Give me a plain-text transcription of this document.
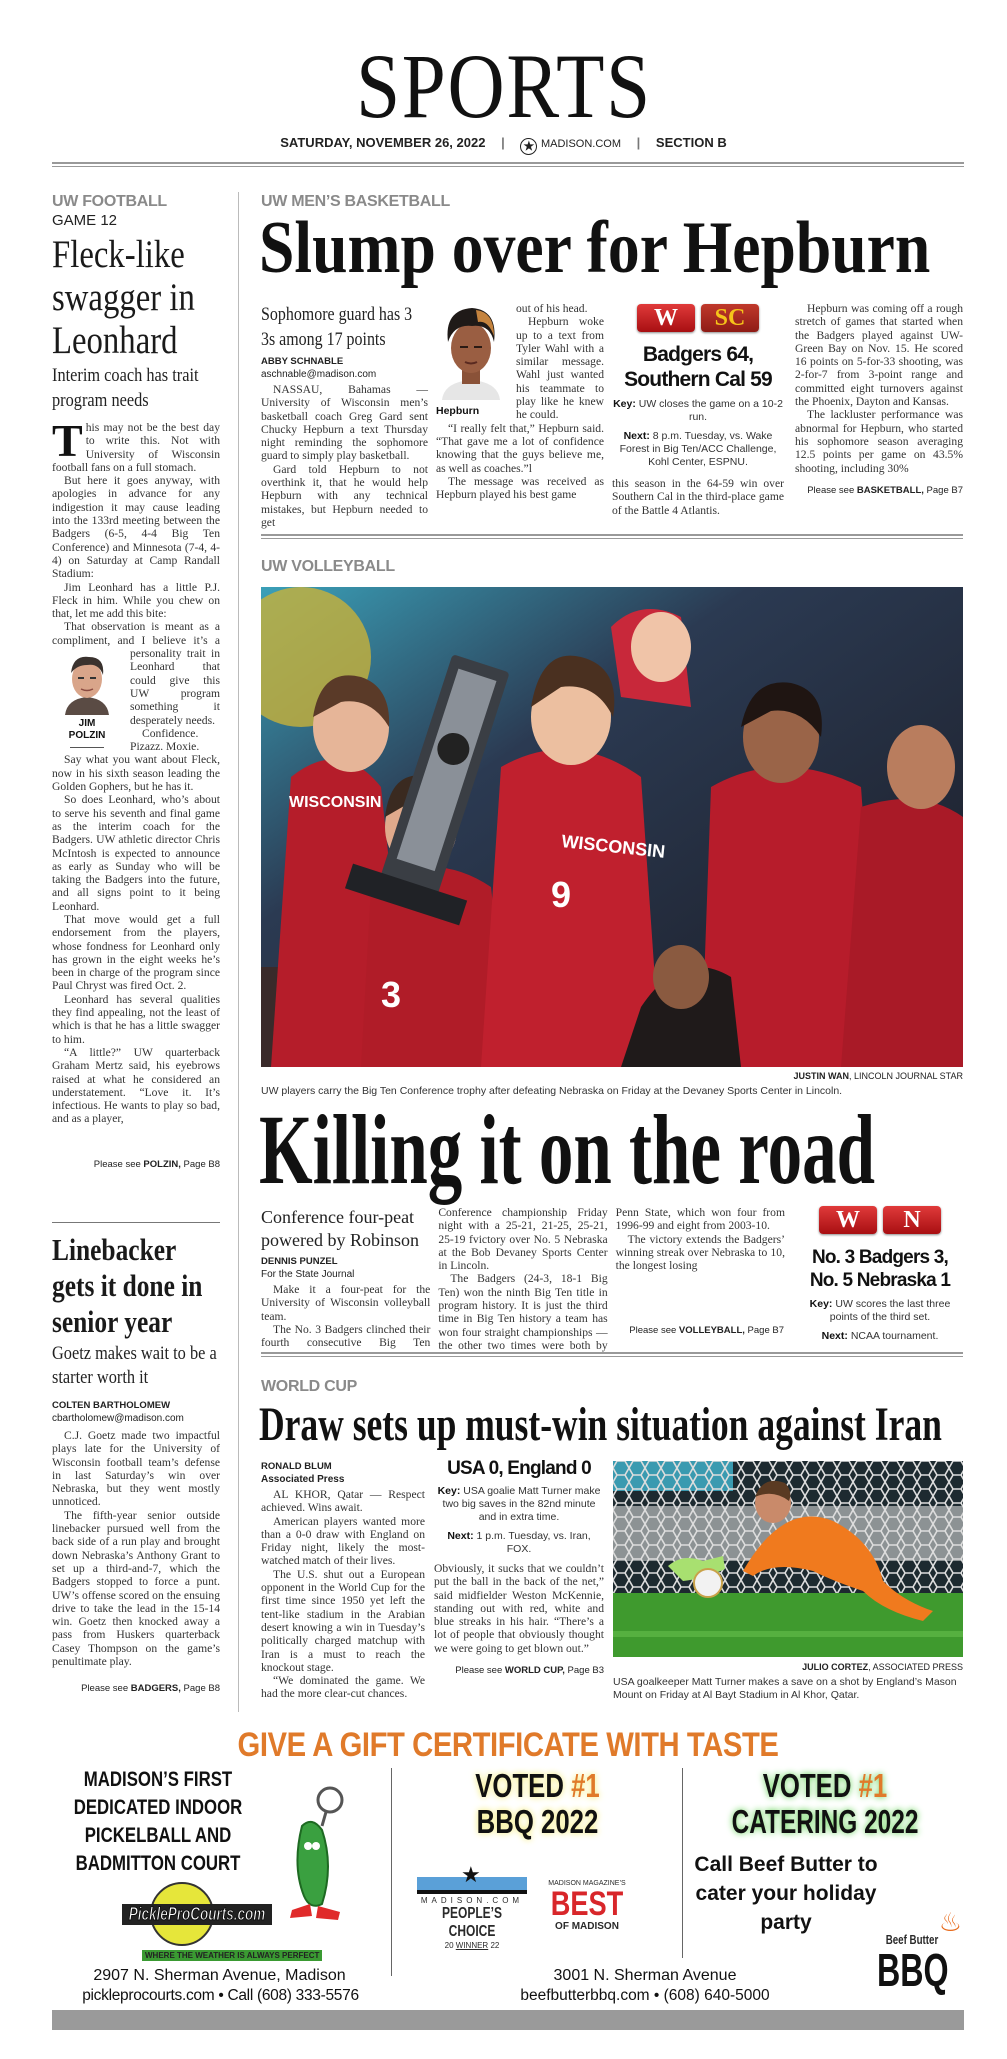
SPORTS
SATURDAY, NOVEMBER 26, 2022 | ★ MADISON.COM | SECTION B
UW FOOTBALL
GAME 12
Fleck-like swagger in Leonhard
Interim coach has trait program needs

This may not be the best day to write this. Not with University of Wisconsin football fans on a full stomach.

But here it goes anyway, with apologies in advance for any indigestion it may cause leading into the 133rd meeting between the Badgers (6-5, 4-4 Big Ten Conference) and Minnesota (7-4, 4-4) on Saturday at Camp Randall Stadium:

Jim Leonhard has a little P.J. Fleck in him. While you chew on that, let me add this bite:

That observation is meant as a compliment, and I believe
JIM
POLZIN
it’s a personality trait in Leonhard that could give this UW program something it desperately needs.

Confidence. Pizazz. Moxie.

Say what you want about Fleck, now in his sixth season leading the Golden Gophers, but he has it.

So does Leonhard, who’s about to serve his seventh and final game as the interim coach for the Badgers. UW athletic director Chris McIntosh is expected to announce as early as Sunday who will be taking the Badgers into the future, and all signs point to it being Leonhard.

That move would get a full endorsement from the players, whose fondness for Leonhard only has grown in the eight weeks he’s been in charge of the program since Paul Chryst was fired Oct. 2.

Leonhard has several qualities they find appealing, not the least of which is that he has a little swagger to him.

“A little?” UW quarterback Graham Mertz said, his eyebrows raised at what he considered an understatement. “Love it. It’s infectious. He wants to play so bad, and as a player,

Please see POLZIN, Page B8
Linebacker gets it done in senior year
Goetz makes wait to be a starter worth it
COLTEN BARTHOLOMEW
cbartholomew@madison.com

C.J. Goetz made two impactful plays late for the University of Wisconsin football team’s defense in last Saturday’s win over Nebraska, but they went mostly unnoticed.

The fifth-year senior outside linebacker pursued well from the back side of a run play and brought down Nebraska’s Anthony Grant to set up a third-and-7, which the Badgers stopped to force a punt. UW’s offense scored on the ensuing drive to take the lead in the 15-14 win. Goetz then knocked away a pass from Huskers quarterback Casey Thompson on the game’s penultimate play.

Please see BADGERS, Page B8
UW MEN’S BASKETBALL
Slump over for Hepburn
Sophomore guard has 3 3s among 17 points
ABBY SCHNABLE
aschnable@madison.com

NASSAU, Bahamas — University of Wisconsin men’s basketball coach Greg Gard sent Chucky Hepburn a text Thursday night reminding the sophomore guard to simply play basketball.

Gard told Hepburn to not overthink it, that he would help Hepburn with any technical mistakes, but Hepburn needed to get

Hepburn

out of his head.

Hepburn woke up to a text from Tyler Wahl with a similar message. Wahl just wanted his teammate to play like he knew he could.

“I really felt that,” Hepburn said. “That gave me a lot of confidence knowing that the guys believe me, as well as coaches.”l

The message was received as Hepburn played his best game

W SC
Badgers 64, Southern Cal 59
Key: UW closes the game on a 10-2 run.
Next: 8 p.m. Tuesday, vs. Wake Forest in Big Ten/ACC Challenge, Kohl Center, ESPNU.
this season in the 64-59 win over Southern Cal in the third-place game of the Battle 4 Atlantis.

Hepburn was coming off a rough stretch of games that started when the Badgers played against UW-Green Bay on Nov. 15. He scored 16 points on 5-for-33 shooting, was 2-for-7 from 3-point range and committed eight turnovers against the Phoenix, Dayton and Kansas.

The lackluster performance was abnormal for Hepburn, who started his sophomore season averaging 12.5 points per game on 43.5% shooting, including 30%

Please see BASKETBALL, Page B7
UW VOLLEYBALL
WISCONSIN
9
WISCONSIN
3
JUSTIN WAN, LINCOLN JOURNAL STAR
UW players carry the Big Ten Conference trophy after defeating Nebraska on Friday at the Devaney Sports Center in Lincoln.
Killing it on the road
Conference four-peat powered by Robinson
DENNIS PUNZEL
For the State Journal

Make it a four-peat for the University of Wisconsin volleyball team.

The No. 3 Badgers clinched their fourth consecutive Big Ten Conference championship Friday night with a 25-21, 21-25, 25-21, 25-19 fvictory over No. 5 Nebraska at the Bob Devaney Sports Center in Lincoln.

The Badgers (24-3, 18-1 Big Ten) won the ninth Big Ten title in program history. It is just the third time in Big Ten history a team has won four straight championships — the other two times were both by Penn State, which won four from 1996-99 and eight from 2003-10.

The victory extends the Badgers’ winning streak over Nebraska to 10, the longest losing

Please see VOLLEYBALL, Page B7
W N
No. 3 Badgers 3, No. 5 Nebraska 1
Key: UW scores the last three points of the third set.
Next: NCAA tournament.
WORLD CUP
Draw sets up must-win situation against Iran
RONALD BLUM
Associated Press

AL KHOR, Qatar — Respect achieved. Wins await.

American players wanted more than a 0-0 draw with England on Friday night, likely the most-watched match of their lives.

The U.S. shut out a European opponent in the World Cup for the first time since 1950 yet left the tent-like stadium in the Arabian desert knowing a win in Tuesday’s politically charged matchup with Iran is a must to reach the knockout stage.

“We dominated the game. We had the more clear-cut chances.

USA 0, England 0
Key: USA goalie Matt Turner make two big saves in the 82nd minute and in extra time.
Next: 1 p.m. Tuesday, vs. Iran, FOX.
Obviously, it sucks that we couldn’t put the ball in the back of the net,” said midfielder Weston McKennie, standing out with red, white and blue streaks in his hair. “There’s a lot of people that obviously thought we were going to get blown out.”
Please see WORLD CUP, Page B3	JULIO CORTEZ, ASSOCIATED PRESS
USA goalkeeper Matt Turner makes a save on a shot by England’s Mason Mount on Friday at Al Bayt Stadium in Al Khor, Qatar.
GIVE A GIFT CERTIFICATE WITH TASTE
MADISON’S FIRST
DEDICATED INDOOR
PICKELBALL AND
BADMITTON COURT
PickleProCourts.com
WHERE THE WEATHER IS ALWAYS PERFECT
2907 N. Sherman Avenue, Madison
pickleprocourts.com • Call (608) 333-5576
VOTED #1
BBQ 2022
★
MADISON.COM
PEOPLE’S CHOICE
20 WINNER 22
MADISON MAGAZINE’S
BEST
OF MADISON
3001 N. Sherman Avenue
beefbutterbbq.com • (608) 640-5000
VOTED #1
CATERING 2022
Call Beef Butter to cater your holiday party
Beef Butter
BBQ
♨
